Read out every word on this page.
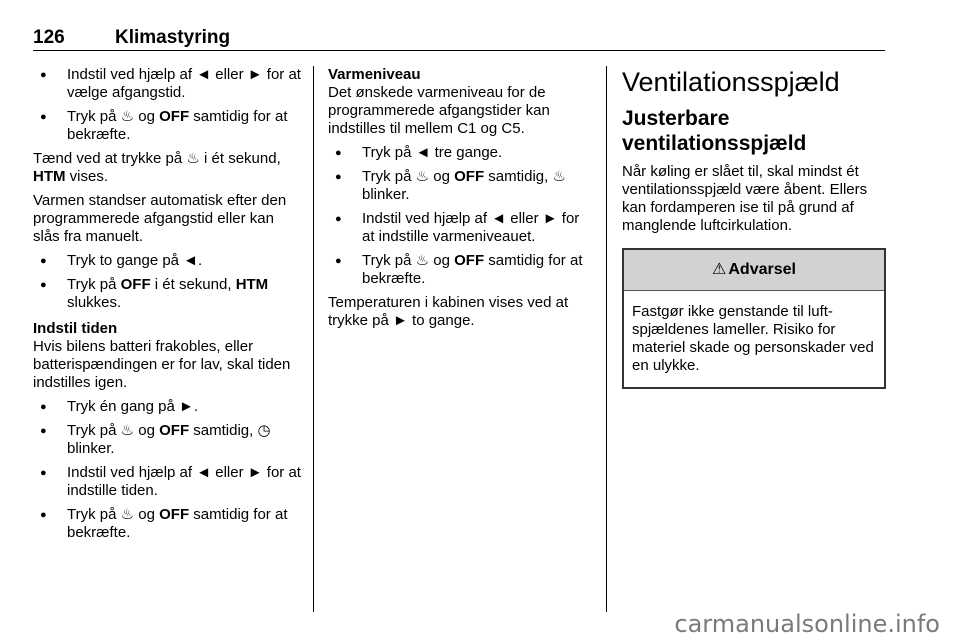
126	Klimastyring
● Indstil ved hjælp af ◄ eller ► for at vælge afgangstid.
● Tryk på ♨ og OFF samtidig for at bekræfte.

Tænd ved at trykke på ♨ i ét sekund, HTM vises.

Varmen standser automatisk efter den programmerede afgangstid eller kan slås fra manuelt.

● Tryk to gange på ◄.
● Tryk på OFF i ét sekund, HTM slukkes.
Indstil tiden

Hvis bilens batteri frakobles, eller batterispændingen er for lav, skal tiden indstilles igen.

● Tryk én gang på ►.
● Tryk på ♨ og OFF samtidig, ◷ blinker.
● Indstil ved hjælp af ◄ eller ► for at indstille tiden.
● Tryk på ♨ og OFF samtidig for at bekræfte.
Varmeniveau

Det ønskede varmeniveau for de programmerede afgangstider kan indstilles til mellem C1 og C5.

● Tryk på ◄ tre gange.
● Tryk på ♨ og OFF samtidig, ♨ blinker.
● Indstil ved hjælp af ◄ eller ► for at indstille varmeniveauet.
● Tryk på ♨ og OFF samtidig for at bekræfte.

Temperaturen i kabinen vises ved at trykke på ► to gange.

Ventilationsspjæld
Justerbare ventilationsspjæld

Når køling er slået til, skal mindst ét ventilationsspjæld være åbent. Ellers kan fordamperen ise til på grund af manglende luftcirkulation.

⚠ Advarsel
Fastgør ikke genstande til luft-spjældenes lameller. Risiko for materiel skade og personskader ved en ulykke.
carmanualsonline.info
